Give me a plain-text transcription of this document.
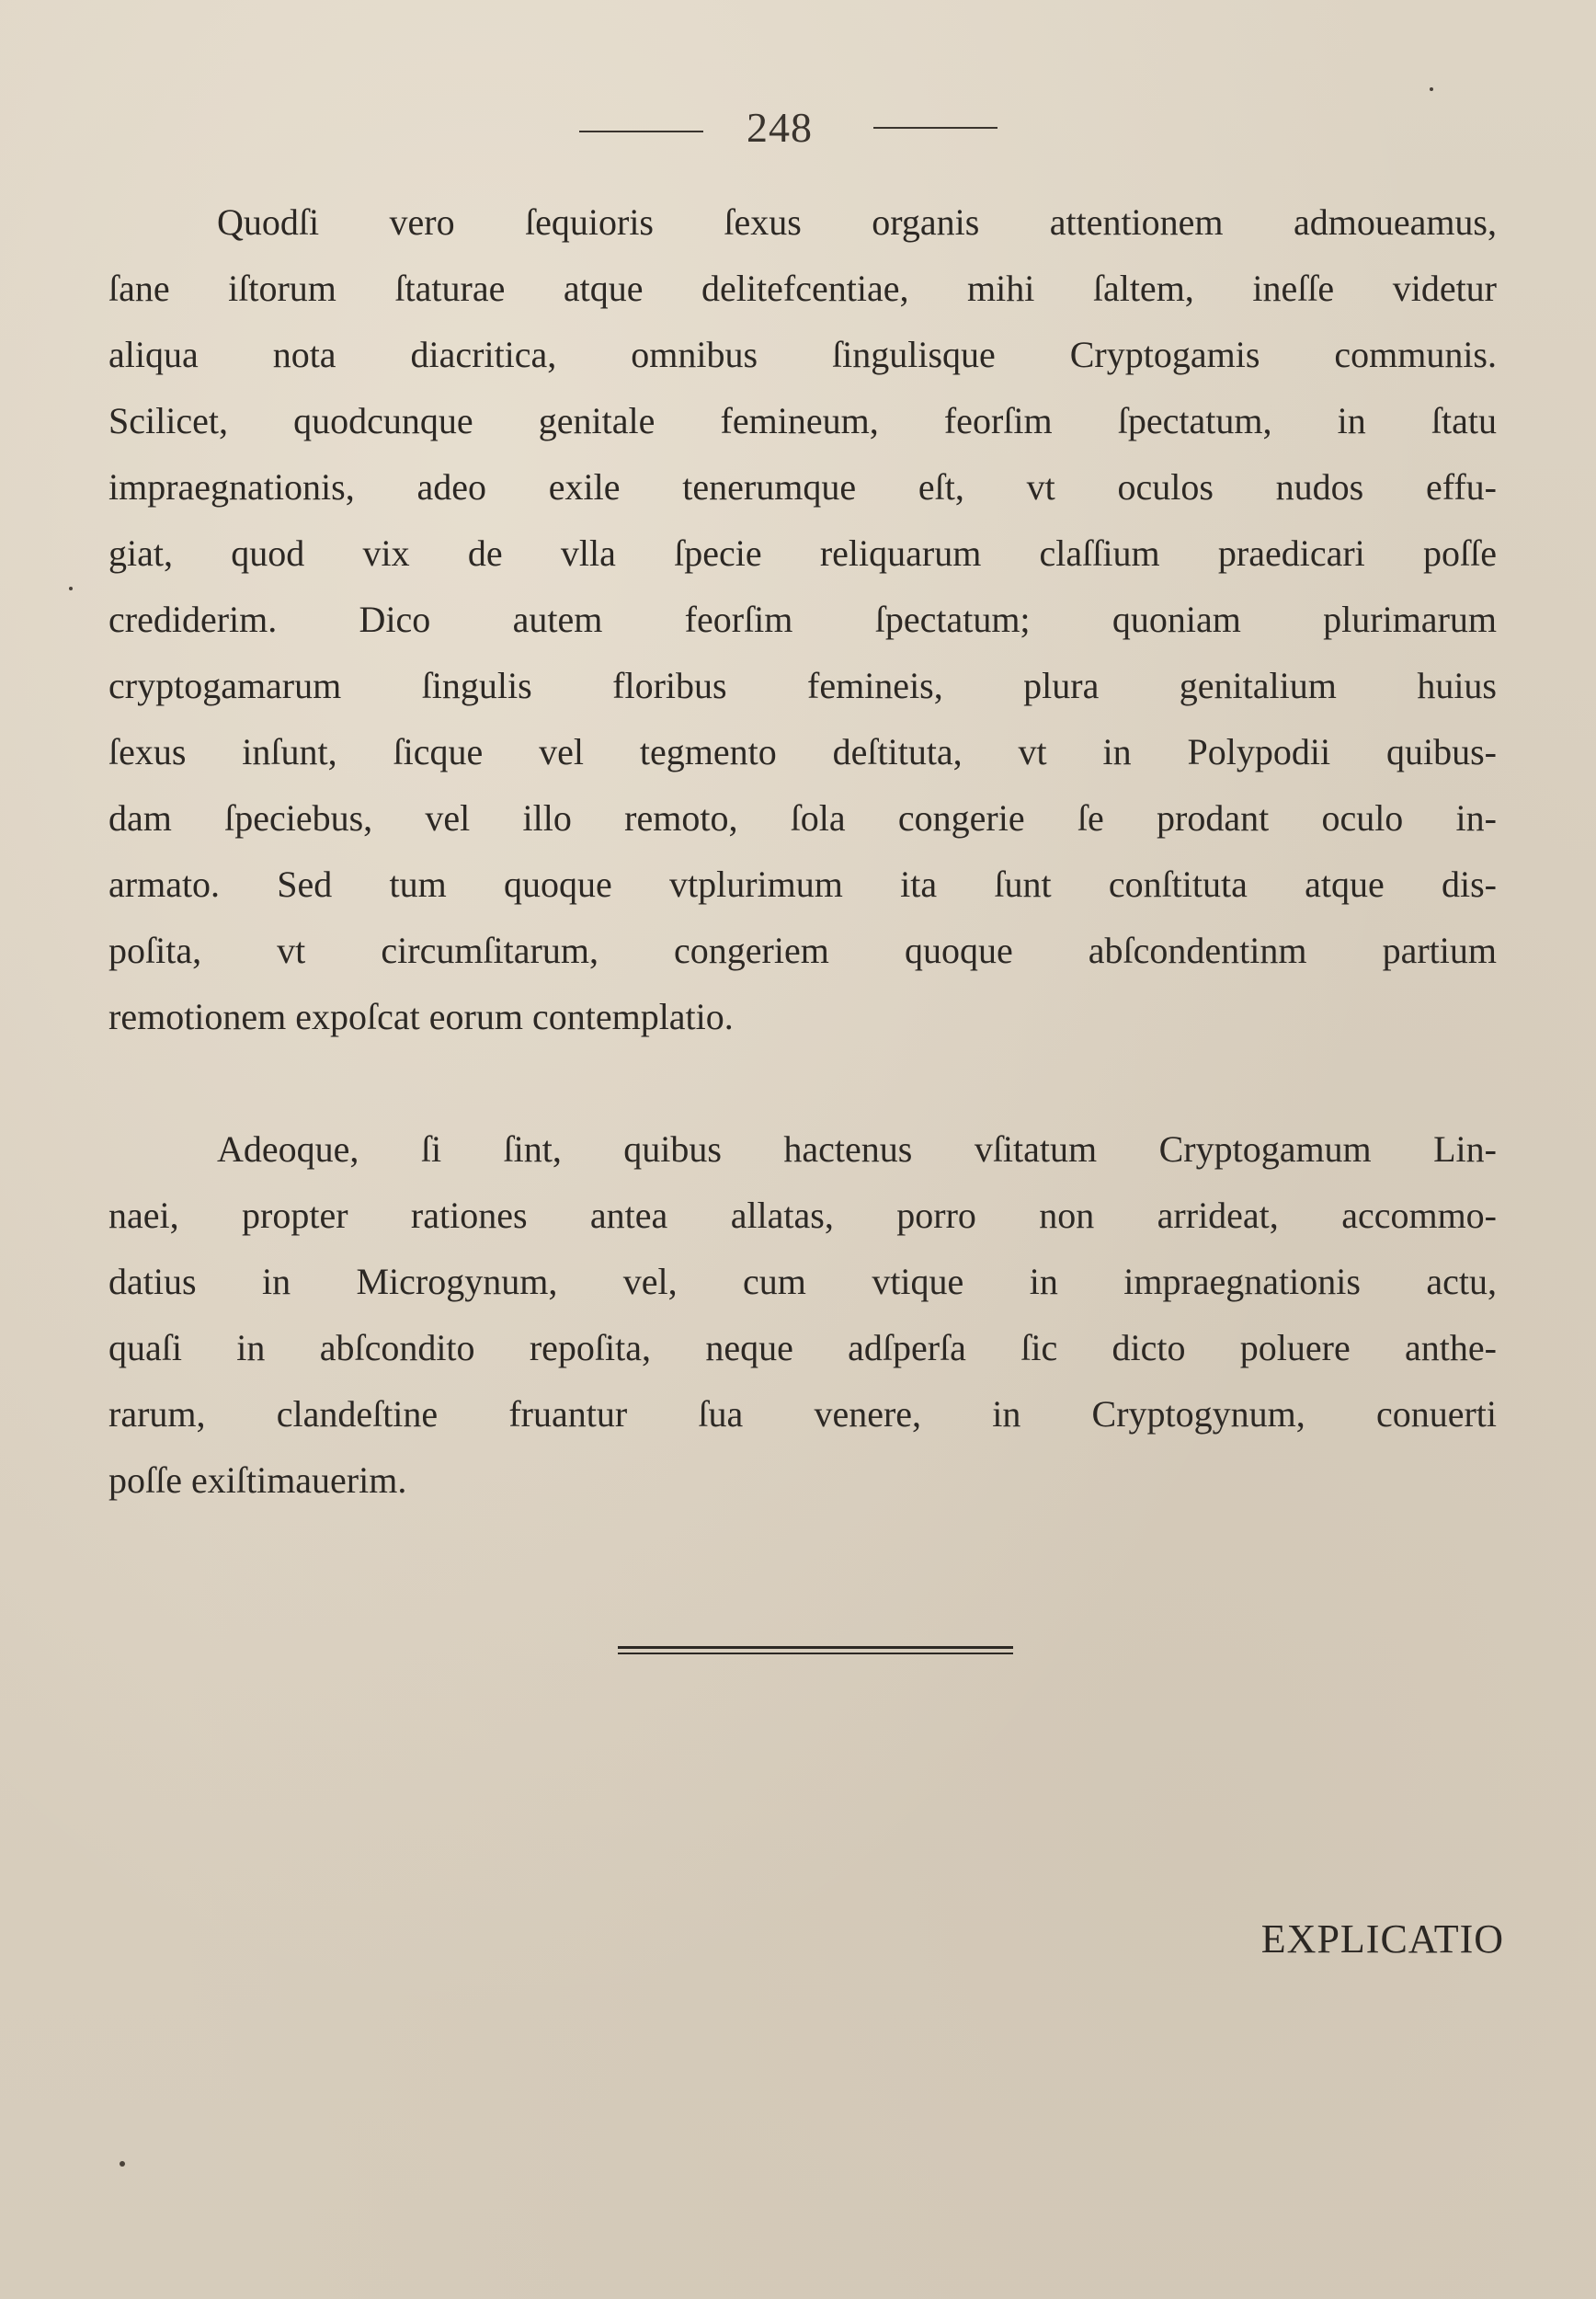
248
Quodſi vero ſequioris ſexus organis attentionem admoueamus,
ſane iſtorum ſtaturae atque delitefcentiae, mihi ſaltem, ineſſe videtur
aliqua nota diacritica, omnibus ſingulisque Cryptogamis communis.
Scilicet, quodcunque genitale femineum, feorſim ſpectatum, in ſtatu
impraegnationis, adeo exile tenerumque eſt, vt oculos nudos effu-
giat, quod vix de vlla ſpecie reliquarum claſſium praedicari poſſe
crediderim. Dico autem feorſim ſpectatum; quoniam plurimarum
cryptogamarum ſingulis floribus femineis, plura genitalium huius
ſexus inſunt, ſicque vel tegmento deſtituta, vt in Polypodii quibus-
dam ſpeciebus, vel illo remoto, ſola congerie ſe prodant oculo in-
armato. Sed tum quoque vtplurimum ita ſunt conſtituta atque dis-
poſita, vt circumſitarum, congeriem quoque abſcondentinm partium
remotionem expoſcat eorum contemplatio.
Adeoque, ſi ſint, quibus hactenus vſitatum Cryptogamum Lin-
naei, propter rationes antea allatas, porro non arrideat, accommo-
datius in Microgynum, vel, cum vtique in impraegnationis actu,
quaſi in abſcondito repoſita, neque adſperſa ſic dicto poluere anthe-
rarum, clandeſtine fruantur ſua venere, in Cryptogynum, conuerti
poſſe exiſtimauerim.
EXPLICATIO
